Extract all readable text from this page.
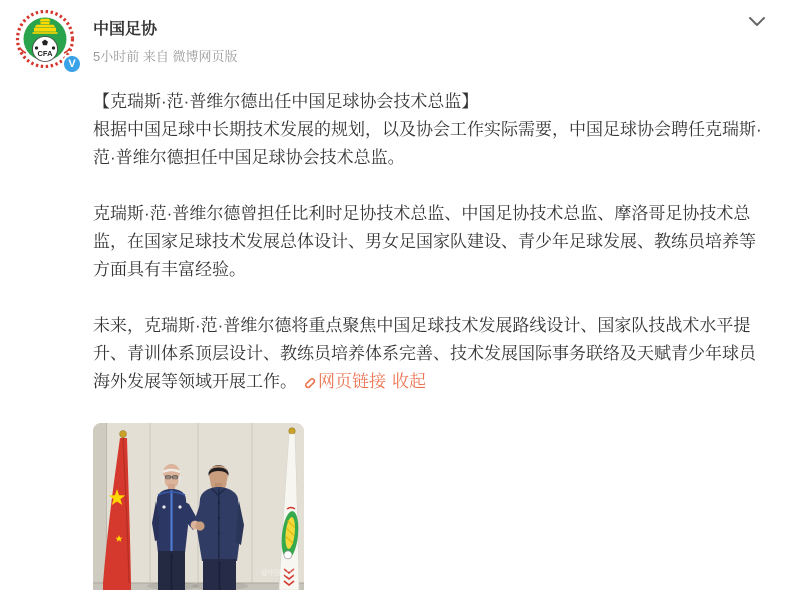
CFA
V
中国足协
5小时前 来自 微博网页版

【克瑞斯·范·普维尔德出任中国足球协会技术总监】
根据中国足球中长期技术发展的规划，以及协会工作实际需要，中国足球协会聘任克瑞斯·范·普维尔德担任中国足球协会技术总监。

克瑞斯·范·普维尔德曾担任比利时足协技术总监、中国足协技术总监、摩洛哥足协技术总监，在国家足球技术发展总体设计、男女足国家队建设、青少年足球发展、教练员培养等方面具有丰富经验。

未来，克瑞斯·范·普维尔德将重点聚焦中国足球技术发展路线设计、国家队技战术水平提升、青训体系顶层设计、教练员培养体系完善、技术发展国际事务联络及天赋青少年球员海外发展等领域开展工作。 网页链接 收起

@中国足协
